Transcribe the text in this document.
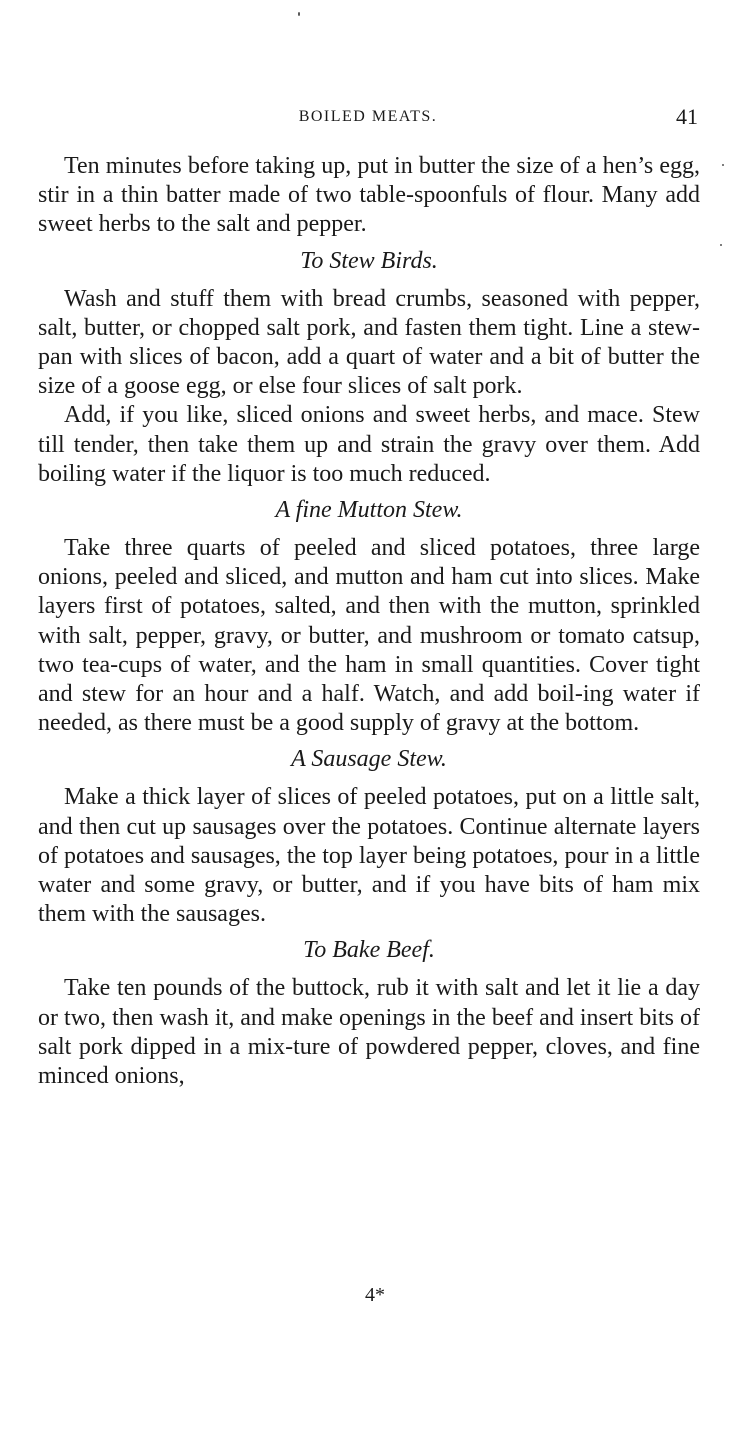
BOILED MEATS.	41

Ten minutes before taking up, put in butter the size of a hen’s egg, stir in a thin batter made of two table-spoonfuls of flour. Many add sweet herbs to the salt and pepper.

To Stew Birds.

Wash and stuff them with bread crumbs, seasoned with pepper, salt, butter, or chopped salt pork, and fasten them tight. Line a stew-pan with slices of bacon, add a quart of water and a bit of butter the size of a goose egg, or else four slices of salt pork.

Add, if you like, sliced onions and sweet herbs, and mace. Stew till tender, then take them up and strain the gravy over them. Add boiling water if the liquor is too much reduced.

A fine Mutton Stew.

Take three quarts of peeled and sliced potatoes, three large onions, peeled and sliced, and mutton and ham cut into slices. Make layers first of potatoes, salted, and then with the mutton, sprinkled with salt, pepper, gravy, or butter, and mushroom or tomato catsup, two tea-cups of water, and the ham in small quantities. Cover tight and stew for an hour and a half. Watch, and add boil-ing water if needed, as there must be a good supply of gravy at the bottom.

A Sausage Stew.

Make a thick layer of slices of peeled potatoes, put on a little salt, and then cut up sausages over the potatoes. Continue alternate layers of potatoes and sausages, the top layer being potatoes, pour in a little water and some gravy, or butter, and if you have bits of ham mix them with the sausages.

To Bake Beef.

Take ten pounds of the buttock, rub it with salt and let it lie a day or two, then wash it, and make openings in the beef and insert bits of salt pork dipped in a mix-ture of powdered pepper, cloves, and fine minced onions,

4*
